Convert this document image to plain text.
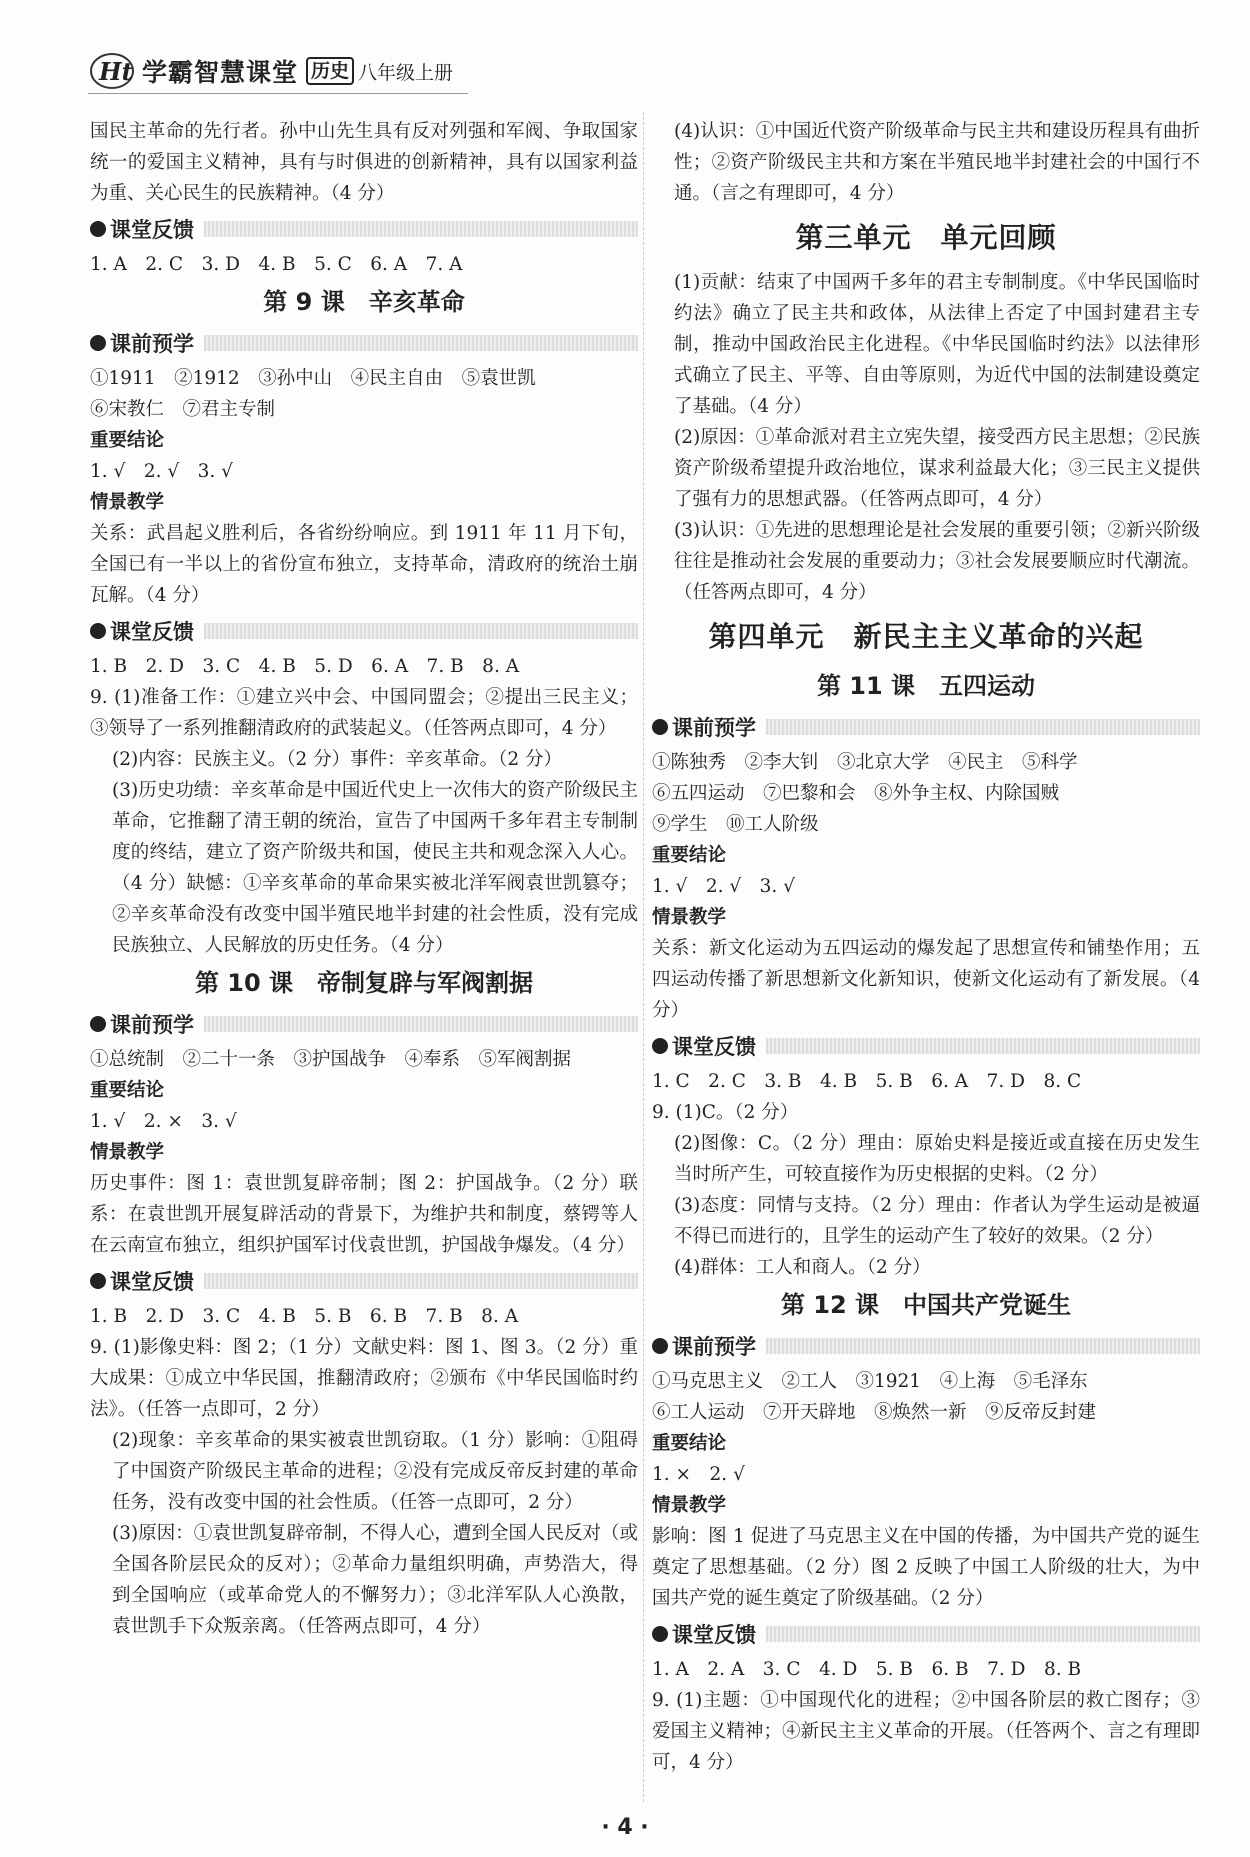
Ht 学霸智慧课堂 历史 八年级上册

国民主革命的先行者。孙中山先生具有反对列强和军阀、争取国家统一的爱国主义精神，具有与时俱进的创新精神，具有以国家利益为重、关心民生的民族精神。（4 分）

课堂反馈

1. A　2. C　3. D　4. B　5. C　6. A　7. A

第 9 课　辛亥革命
课前预学

①1911　②1912　③孙中山　④民主自由　⑤袁世凯

⑥宋教仁　⑦君主专制

重要结论

1. √　2. √　3. √

情景教学

关系：武昌起义胜利后，各省纷纷响应。到 1911 年 11 月下旬，全国已有一半以上的省份宣布独立，支持革命，清政府的统治土崩瓦解。（4 分）

课堂反馈

1. B　2. D　3. C　4. B　5. D　6. A　7. B　8. A

9. (1)准备工作：①建立兴中会、中国同盟会；②提出三民主义；③领导了一系列推翻清政府的武装起义。（任答两点即可，4 分）

(2)内容：民族主义。（2 分）事件：辛亥革命。（2 分）

(3)历史功绩：辛亥革命是中国近代史上一次伟大的资产阶级民主革命，它推翻了清王朝的统治，宣告了中国两千多年君主专制制度的终结，建立了资产阶级共和国，使民主共和观念深入人心。（4 分）缺憾：①辛亥革命的革命果实被北洋军阀袁世凯篡夺；②辛亥革命没有改变中国半殖民地半封建的社会性质，没有完成民族独立、人民解放的历史任务。（4 分）

第 10 课　帝制复辟与军阀割据
课前预学

①总统制　②二十一条　③护国战争　④奉系　⑤军阀割据

重要结论

1. √　2. ×　3. √

情景教学

历史事件：图 1：袁世凯复辟帝制；图 2：护国战争。（2 分）联系：在袁世凯开展复辟活动的背景下，为维护共和制度，蔡锷等人在云南宣布独立，组织护国军讨伐袁世凯，护国战争爆发。（4 分）

课堂反馈

1. B　2. D　3. C　4. B　5. B　6. B　7. B　8. A

9. (1)影像史料：图 2；（1 分）文献史料：图 1、图 3。（2 分）重大成果：①成立中华民国，推翻清政府；②颁布《中华民国临时约法》。（任答一点即可，2 分）

(2)现象：辛亥革命的果实被袁世凯窃取。（1 分）影响：①阻碍了中国资产阶级民主革命的进程；②没有完成反帝反封建的革命任务，没有改变中国的社会性质。（任答一点即可，2 分）

(3)原因：①袁世凯复辟帝制，不得人心，遭到全国人民反对（或全国各阶层民众的反对）；②革命力量组织明确，声势浩大，得到全国响应（或革命党人的不懈努力）；③北洋军队人心涣散，袁世凯手下众叛亲离。（任答两点即可，4 分）

(4)认识：①中国近代资产阶级革命与民主共和建设历程具有曲折性；②资产阶级民主共和方案在半殖民地半封建社会的中国行不通。（言之有理即可，4 分）

第三单元　单元回顾

(1)贡献：结束了中国两千多年的君主专制制度。《中华民国临时约法》确立了民主共和政体，从法律上否定了中国封建君主专制，推动中国政治民主化进程。《中华民国临时约法》以法律形式确立了民主、平等、自由等原则，为近代中国的法制建设奠定了基础。（4 分）

(2)原因：①革命派对君主立宪失望，接受西方民主思想；②民族资产阶级希望提升政治地位，谋求利益最大化；③三民主义提供了强有力的思想武器。（任答两点即可，4 分）

(3)认识：①先进的思想理论是社会发展的重要引领；②新兴阶级往往是推动社会发展的重要动力；③社会发展要顺应时代潮流。（任答两点即可，4 分）

第四单元　新民主主义革命的兴起
第 11 课　五四运动
课前预学

①陈独秀　②李大钊　③北京大学　④民主　⑤科学

⑥五四运动　⑦巴黎和会　⑧外争主权、内除国贼

⑨学生　⑩工人阶级

重要结论

1. √　2. √　3. √

情景教学

关系：新文化运动为五四运动的爆发起了思想宣传和铺垫作用；五四运动传播了新思想新文化新知识，使新文化运动有了新发展。（4 分）

课堂反馈

1. C　2. C　3. B　4. B　5. B　6. A　7. D　8. C

9. (1)C。（2 分）

(2)图像：C。（2 分）理由：原始史料是接近或直接在历史发生当时所产生，可较直接作为历史根据的史料。（2 分）

(3)态度：同情与支持。（2 分）理由：作者认为学生运动是被逼不得已而进行的，且学生的运动产生了较好的效果。（2 分）

(4)群体：工人和商人。（2 分）

第 12 课　中国共产党诞生
课前预学

①马克思主义　②工人　③1921　④上海　⑤毛泽东

⑥工人运动　⑦开天辟地　⑧焕然一新　⑨反帝反封建

重要结论

1. ×　2. √

情景教学

影响：图 1 促进了马克思主义在中国的传播，为中国共产党的诞生奠定了思想基础。（2 分）图 2 反映了中国工人阶级的壮大，为中国共产党的诞生奠定了阶级基础。（2 分）

课堂反馈

1. A　2. A　3. C　4. D　5. B　6. B　7. D　8. B

9. (1)主题：①中国现代化的进程；②中国各阶层的救亡图存；③爱国主义精神；④新民主主义革命的开展。（任答两个、言之有理即可，4 分）

· 4 ·
